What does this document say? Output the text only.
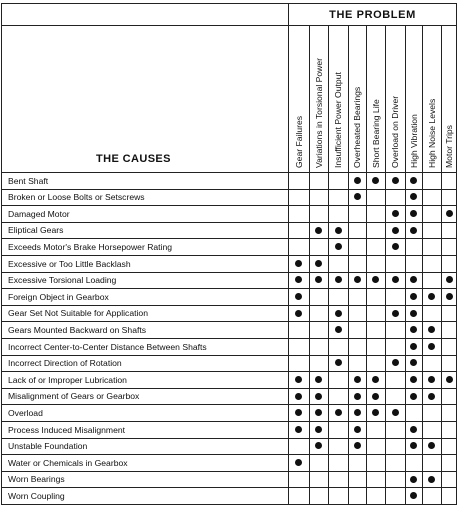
THE PROBLEM
THE CAUSES	Gear Failures Variations in Torsional Power Insufficient Power Output Overheated Bearings Short Bearing Life Overload on Driver High Vibration High Noise Levels Motor Trips
Bent Shaft
Broken or Loose Bolts or Setscrews
Damaged Motor
Eliptical Gears
Exceeds Motor's Brake Horsepower Rating
Excessive or Too Little Backlash
Excessive Torsional Loading
Foreign Object in Gearbox
Gear Set Not Suitable for Application
Gears Mounted Backward on Shafts
Incorrect Center-to-Center Distance Between Shafts
Incorrect Direction of Rotation
Lack of or Improper Lubrication
Misalignment of Gears or Gearbox
Overload
Process Induced Misalignment
Unstable Foundation
Water or Chemicals in Gearbox
Worn Bearings
Worn Coupling
